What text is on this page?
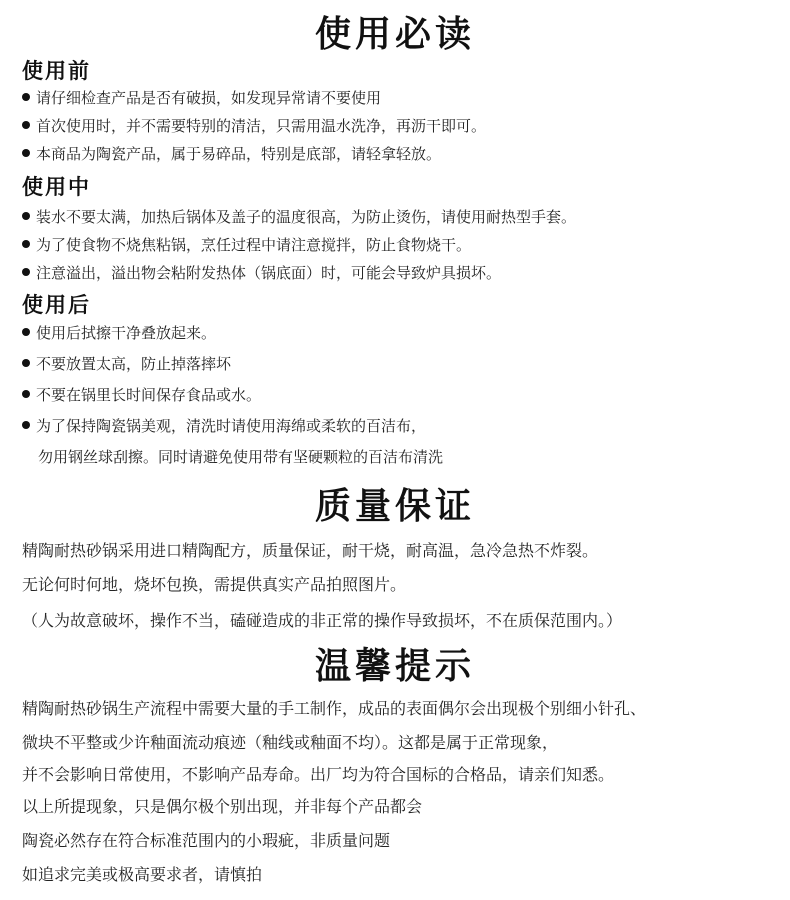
使用必读
使用前
请仔细检查产品是否有破损，如发现异常请不要使用
首次使用时，并不需要特别的清洁，只需用温水洗净，再沥干即可。
本商品为陶瓷产品，属于易碎品，特别是底部，请轻拿轻放。
使用中
装水不要太满，加热后锅体及盖子的温度很高，为防止烫伤，请使用耐热型手套。
为了使食物不烧焦粘锅，烹任过程中请注意搅拌，防止食物烧干。
注意溢出，溢出物会粘附发热体（锅底面）时，可能会导致炉具损坏。
使用后
使用后拭擦干净叠放起来。
不要放置太高，防止掉落摔坏
不要在锅里长时间保存食品或水。
为了保持陶瓷锅美观，清洗时请使用海绵或柔软的百洁布，
勿用钢丝球刮擦。同时请避免使用带有坚硬颗粒的百洁布清洗
质量保证
精陶耐热砂锅采用进口精陶配方，质量保证，耐干烧，耐高温，急冷急热不炸裂。
无论何时何地，烧坏包换，需提供真实产品拍照图片。
（人为故意破坏，操作不当，磕碰造成的非正常的操作导致损坏，不在质保范围内。）
温馨提示
精陶耐热砂锅生产流程中需要大量的手工制作，成品的表面偶尔会出现极个别细小针孔、
微块不平整或少许釉面流动痕迹（釉线或釉面不均）。这都是属于正常现象，
并不会影响日常使用，不影响产品寿命。出厂均为符合国标的合格品，请亲们知悉。
以上所提现象，只是偶尔极个别出现，并非每个产品都会
陶瓷必然存在符合标准范围内的小瑕疵，非质量问题
如追求完美或极高要求者，请慎拍
